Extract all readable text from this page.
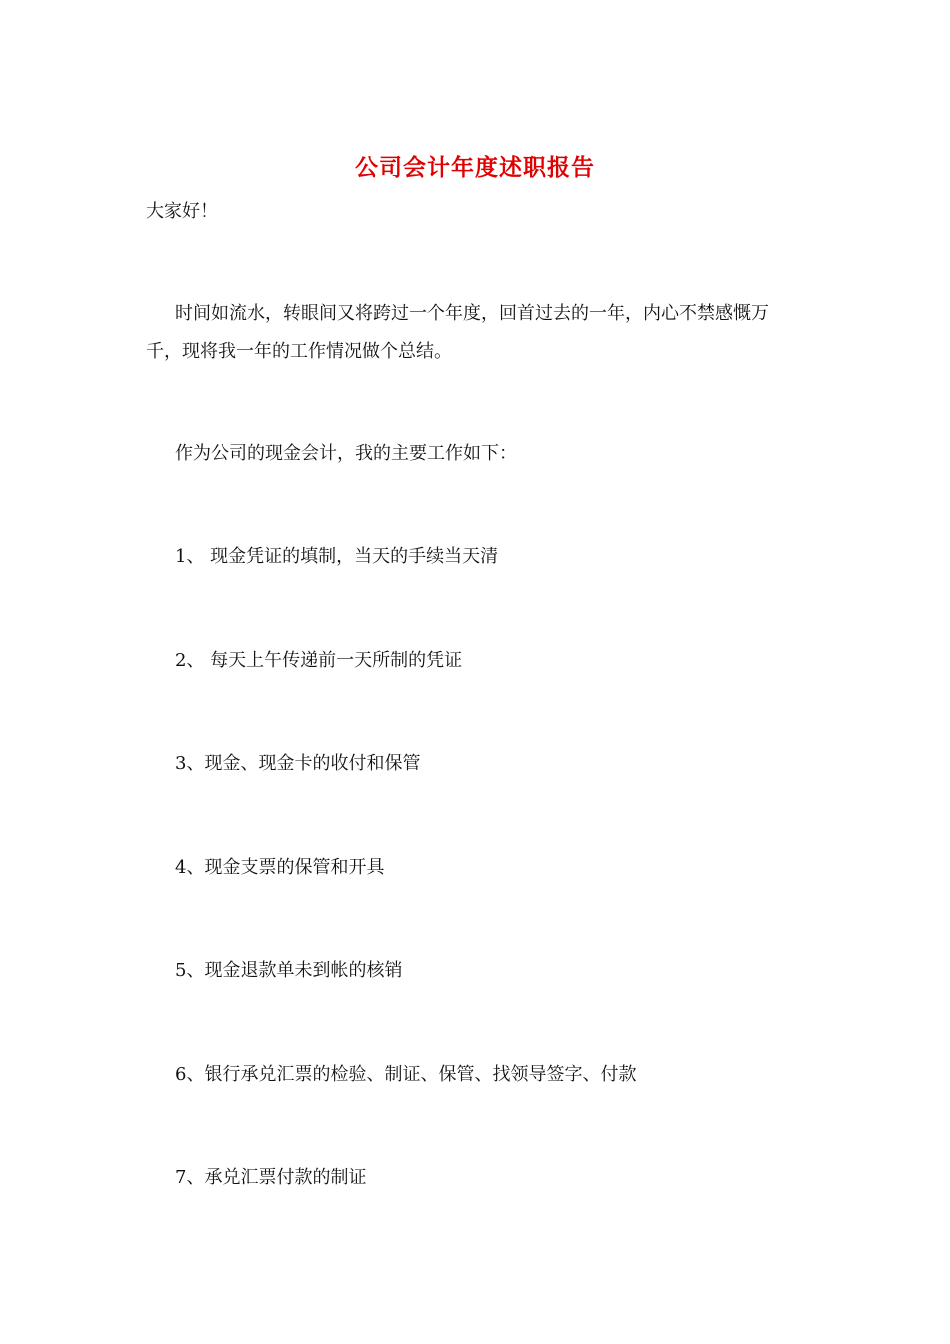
公司会计年度述职报告
大家好！
时间如流水，转眼间又将跨过一个年度，回首过去的一年，内心不禁感慨万
千，现将我一年的工作情况做个总结。
作为公司的现金会计，我的主要工作如下：
1、 现金凭证的填制，当天的手续当天清
2、 每天上午传递前一天所制的凭证
3、现金、现金卡的收付和保管
4、现金支票的保管和开具
5、现金退款单未到帐的核销
6、银行承兑汇票的检验、制证、保管、找领导签字、付款
7、承兑汇票付款的制证
